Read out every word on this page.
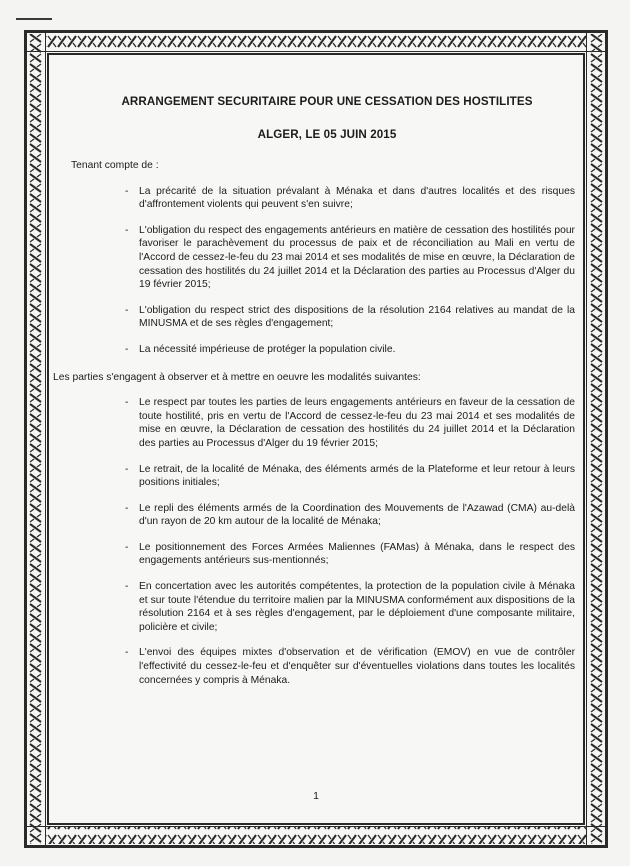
ARRANGEMENT SECURITAIRE POUR UNE CESSATION DES HOSTILITES
ALGER, LE 05 JUIN 2015

Tenant compte de :

- La précarité de la situation prévalant à Ménaka et dans d'autres localités et des risques d'affrontement violents qui peuvent s'en suivre;
- L'obligation du respect des engagements antérieurs en matière de cessation des hostilités pour favoriser le parachèvement du processus de paix et de réconciliation au Mali en vertu de l'Accord de cessez-le-feu du 23 mai 2014 et ses modalités de mise en œuvre, la Déclaration de cessation des hostilités du 24 juillet 2014 et la Déclaration des parties au Processus d'Alger du 19 février 2015;
- L'obligation du respect strict des dispositions de la résolution 2164 relatives au mandat de la MINUSMA et de ses règles d'engagement;
- La nécessité impérieuse de protéger la population civile.

Les parties s'engagent à observer et à mettre en oeuvre les modalités suivantes:

- Le respect par toutes les parties de leurs engagements antérieurs en faveur de la cessation de toute hostilité, pris en vertu de l'Accord de cessez-le-feu du 23 mai 2014 et ses modalités de mise en œuvre, la Déclaration de cessation des hostilités du 24 juillet 2014 et la Déclaration des parties au Processus d'Alger du 19 février 2015;
- Le retrait, de la localité de Ménaka, des éléments armés de la Plateforme et leur retour à leurs positions initiales;
- Le repli des éléments armés de la Coordination des Mouvements de l'Azawad (CMA) au-delà d'un rayon de 20 km autour de la localité de Ménaka;
- Le positionnement des Forces Armées Maliennes (FAMas) à Ménaka, dans le respect des engagements antérieurs sus-mentionnés;
- En concertation avec les autorités compétentes, la protection de la population civile à Ménaka et sur toute l'étendue du territoire malien par la MINUSMA conformément aux dispositions de la résolution 2164 et à ses règles d'engagement, par le déploiement d'une composante militaire, policière et civile;
- L'envoi des équipes mixtes d'observation et de vérification (EMOV) en vue de contrôler l'effectivité du cessez-le-feu et d'enquêter sur d'éventuelles violations dans toutes les localités concernées y compris à Ménaka.
1
